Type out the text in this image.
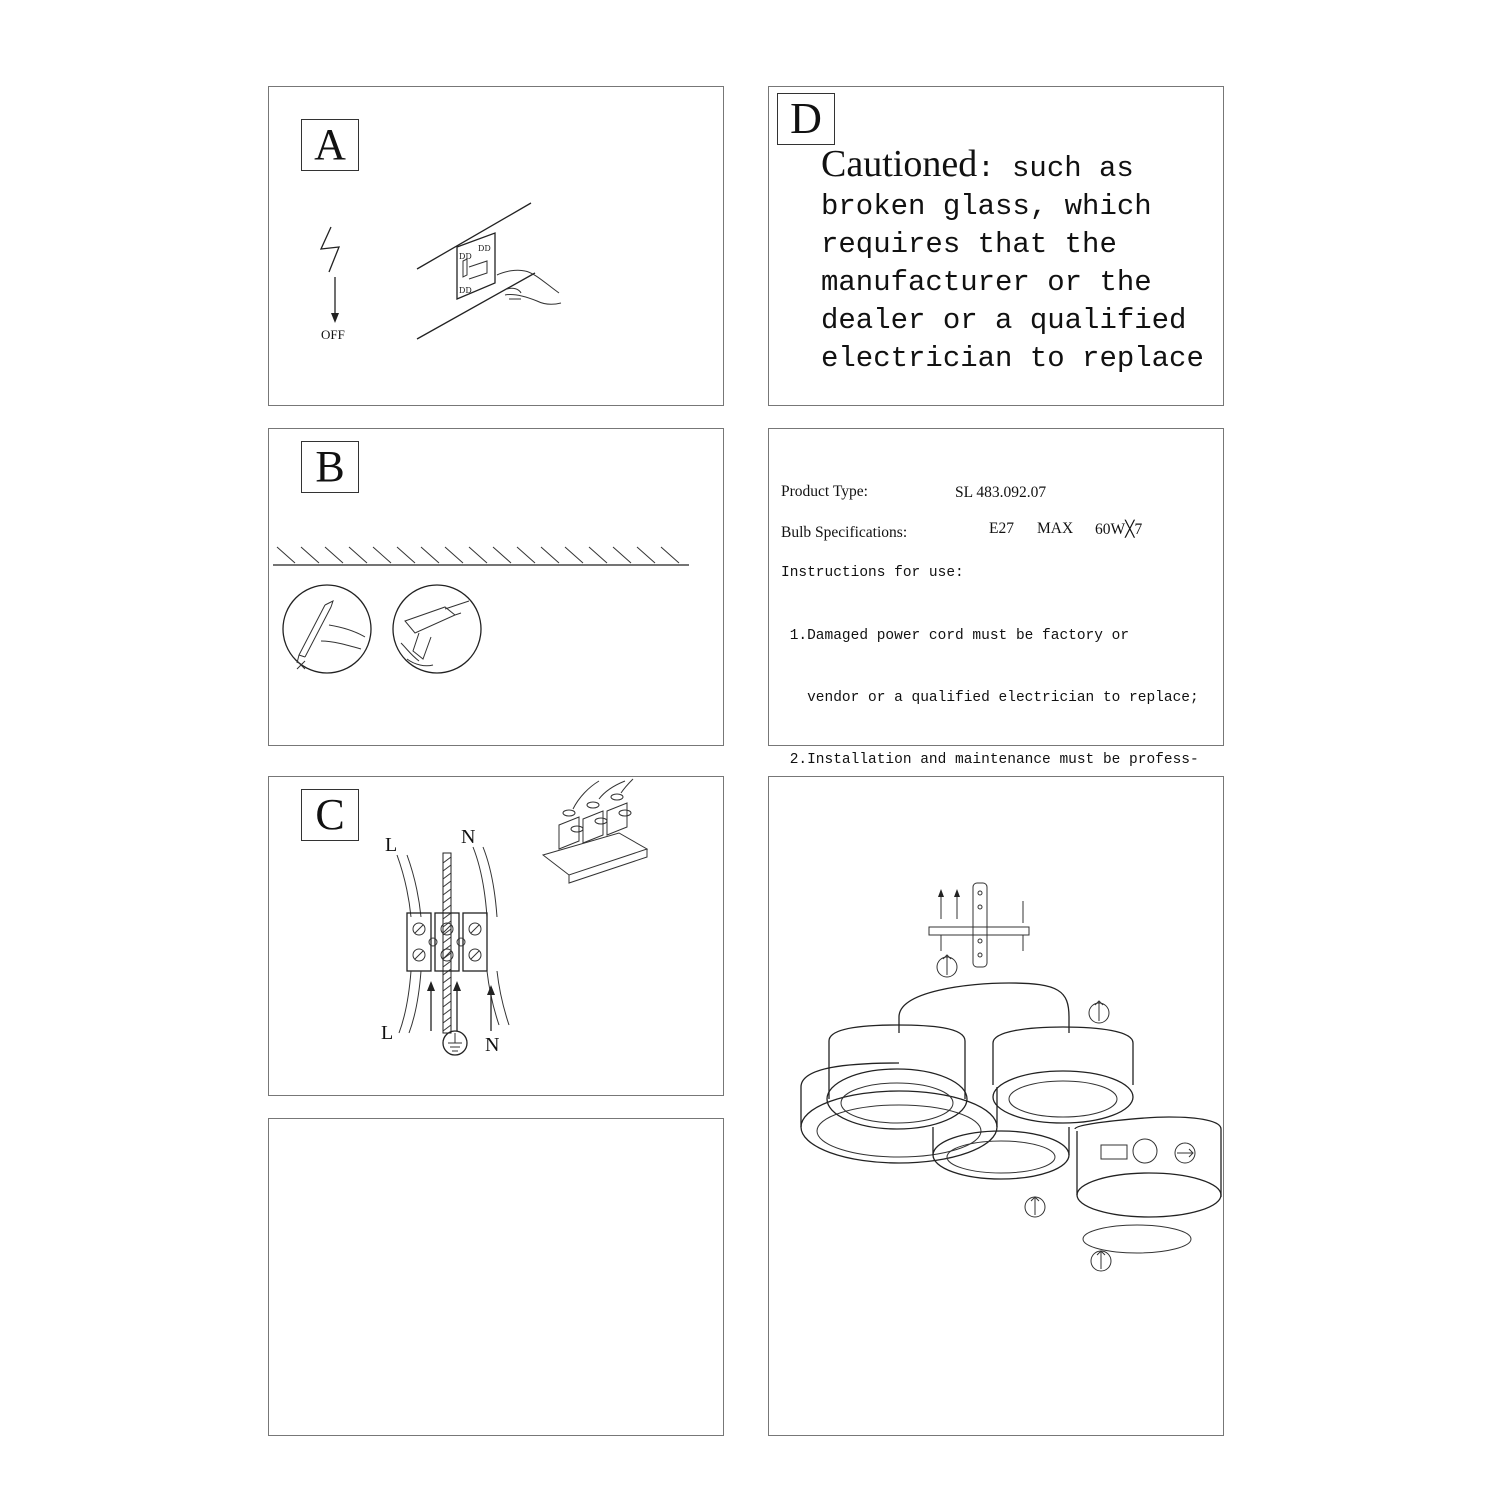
A
OFF
DD
DD
DD
D
Cautioned: such as broken glass, which requires that the manufacturer or the dealer or a qualified electrician to replace
B
Product Type:	SL 483.092.07
Bulb Specifications:	E27 MAX 60W╳7
Instructions for use:

1.Damaged power cord must be factory or

vendor or a qualified electrician to replace;

2.Installation and maintenance must be profess-

C
L	N
L
N
